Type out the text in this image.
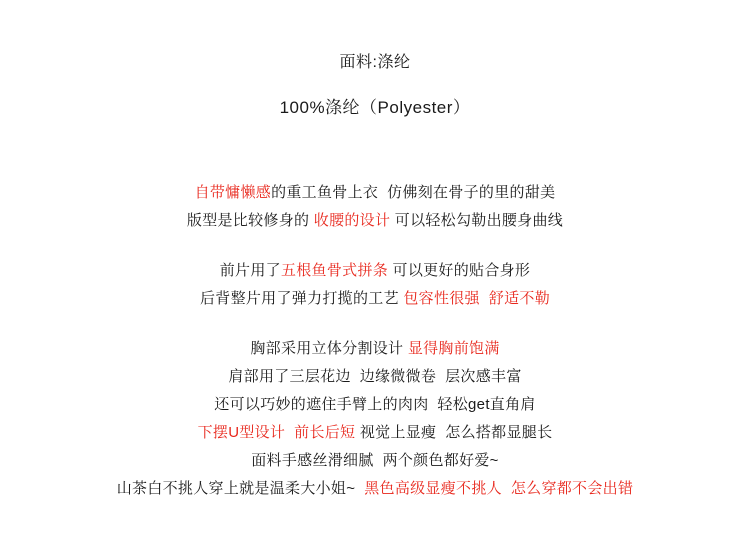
面料:涤纶
100%涤纶（Polyester）
自带慵懒感的重工鱼骨上衣  仿佛刻在骨子的里的甜美
版型是比较修身的 收腰的设计 可以轻松勾勒出腰身曲线
前片用了五根鱼骨式拼条 可以更好的贴合身形
后背整片用了弹力打揽的工艺 包容性很强  舒适不勒
胸部采用立体分割设计 显得胸前饱满
肩部用了三层花边  边缘微微卷  层次感丰富
还可以巧妙的遮住手臂上的肉肉  轻松get直角肩
下摆U型设计  前长后短 视觉上显瘦  怎么搭都显腿长
面料手感丝滑细腻  两个颜色都好爱~
山茶白不挑人穿上就是温柔大小姐~  黑色高级显瘦不挑人  怎么穿都不会出错
